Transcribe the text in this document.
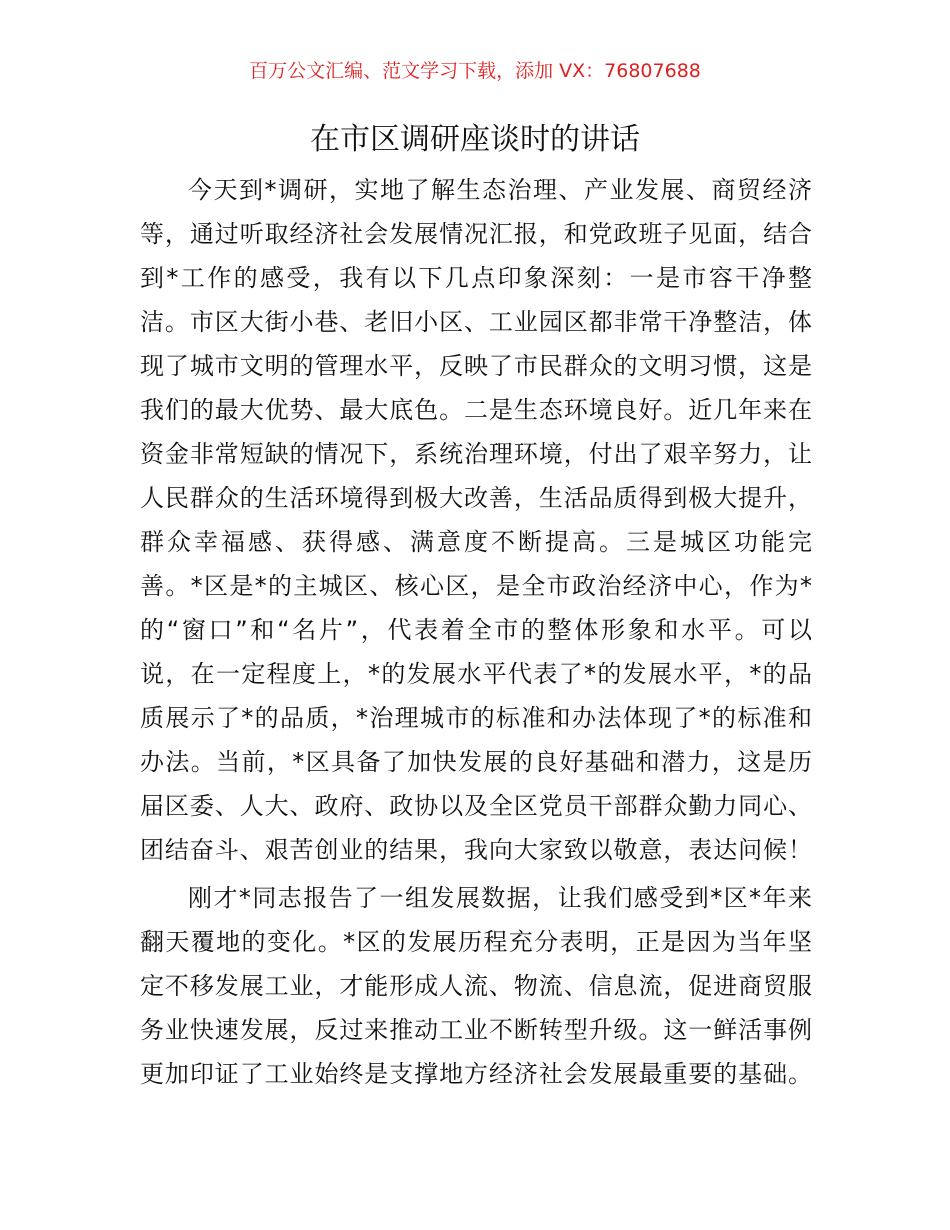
百万公文汇编、范文学习下载，添加 VX：76807688
在市区调研座谈时的讲话
今天到*调研，实地了解生态治理、产业发展、商贸经济
等，通过听取经济社会发展情况汇报，和党政班子见面，结合
到*工作的感受，我有以下几点印象深刻：一是市容干净整
洁。市区大街小巷、老旧小区、工业园区都非常干净整洁，体
现了城市文明的管理水平，反映了市民群众的文明习惯，这是
我们的最大优势、最大底色。二是生态环境良好。近几年来在
资金非常短缺的情况下，系统治理环境，付出了艰辛努力，让
人民群众的生活环境得到极大改善，生活品质得到极大提升，
群众幸福感、获得感、满意度不断提高。三是城区功能完
善。*区是*的主城区、核心区，是全市政治经济中心，作为*
的“窗口”和“名片”，代表着全市的整体形象和水平。可以
说，在一定程度上，*的发展水平代表了*的发展水平，*的品
质展示了*的品质，*治理城市的标准和办法体现了*的标准和
办法。当前，*区具备了加快发展的良好基础和潜力，这是历
届区委、人大、政府、政协以及全区党员干部群众勤力同心、
团结奋斗、艰苦创业的结果，我向大家致以敬意，表达问候！
刚才*同志报告了一组发展数据，让我们感受到*区*年来
翻天覆地的变化。*区的发展历程充分表明，正是因为当年坚
定不移发展工业，才能形成人流、物流、信息流，促进商贸服
务业快速发展，反过来推动工业不断转型升级。这一鲜活事例
更加印证了工业始终是支撑地方经济社会发展最重要的基础。
